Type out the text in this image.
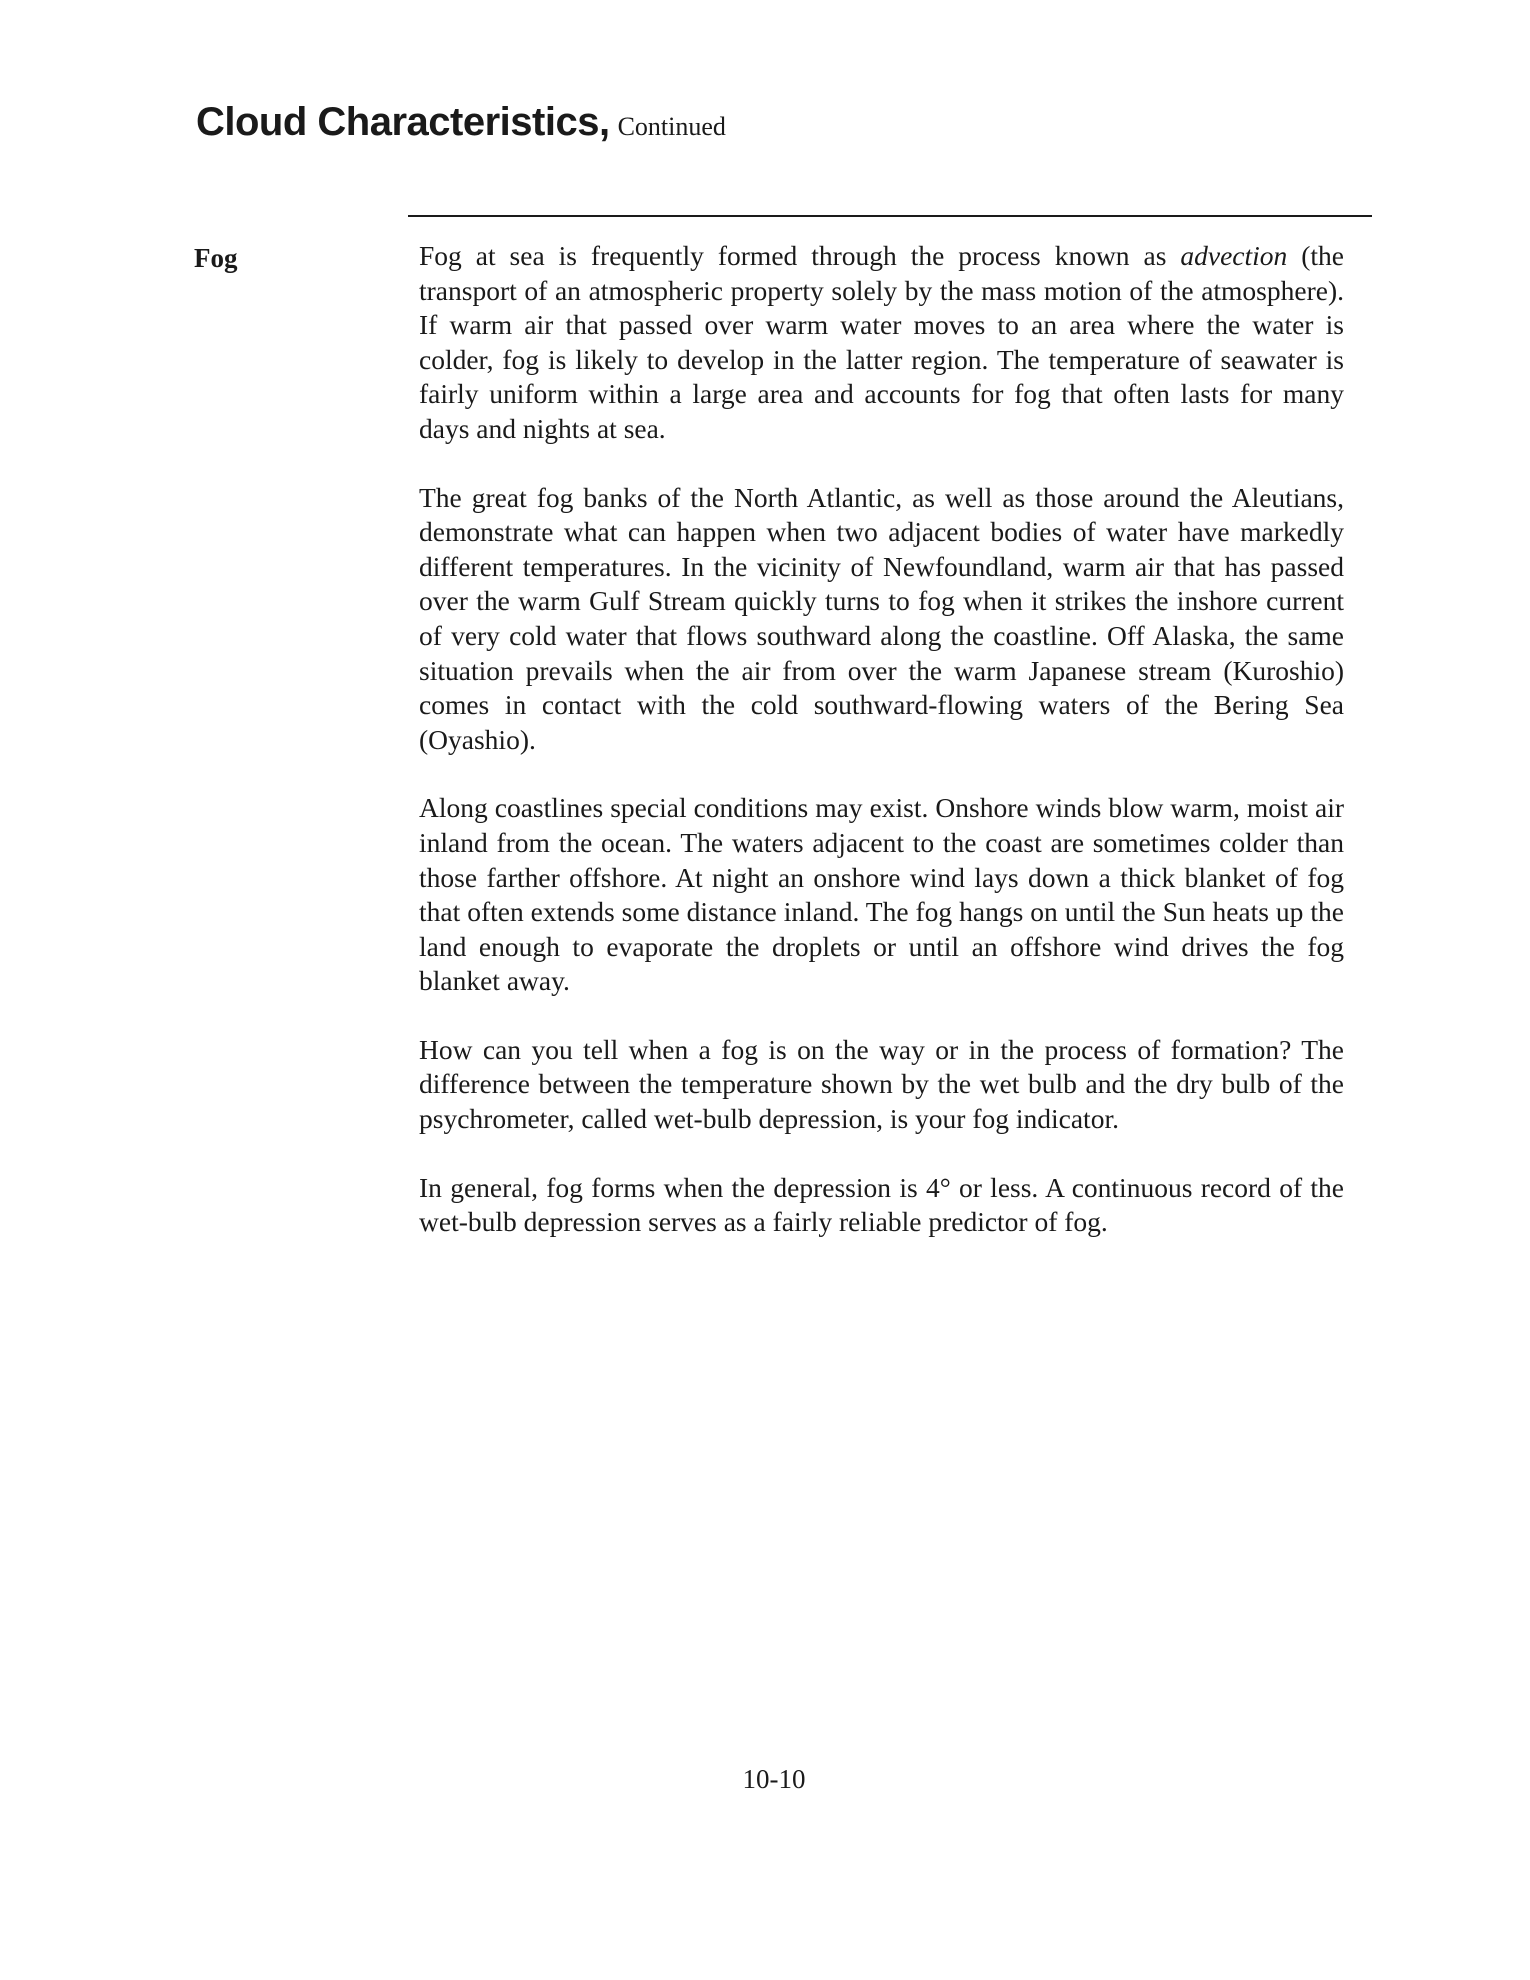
Cloud Characteristics, Continued
Fog	Fog at sea is frequently formed through the process known as advection (the transport of an atmospheric property solely by the mass motion of the atmosphere). If warm air that passed over warm water moves to an area where the water is colder, fog is likely to develop in the latter region. The temperature of seawater is fairly uniform within a large area and accounts for fog that often lasts for many days and nights at sea.

The great fog banks of the North Atlantic, as well as those around the Aleutians, demonstrate what can happen when two adjacent bodies of water have markedly different temperatures. In the vicinity of Newfoundland, warm air that has passed over the warm Gulf Stream quickly turns to fog when it strikes the inshore current of very cold water that flows southward along the coastline. Off Alaska, the same situation prevails when the air from over the warm Japanese stream (Kuroshio) comes in contact with the cold southward-flowing waters of the Bering Sea (Oyashio).

Along coastlines special conditions may exist. Onshore winds blow warm, moist air inland from the ocean. The waters adjacent to the coast are sometimes colder than those farther offshore. At night an onshore wind lays down a thick blanket of fog that often extends some distance inland. The fog hangs on until the Sun heats up the land enough to evaporate the droplets or until an offshore wind drives the fog blanket away.

How can you tell when a fog is on the way or in the process of formation? The difference between the temperature shown by the wet bulb and the dry bulb of the psychrometer, called wet-bulb depression, is your fog indicator.

In general, fog forms when the depression is 4° or less. A continuous record of the wet-bulb depression serves as a fairly reliable predictor of fog.

10-10
